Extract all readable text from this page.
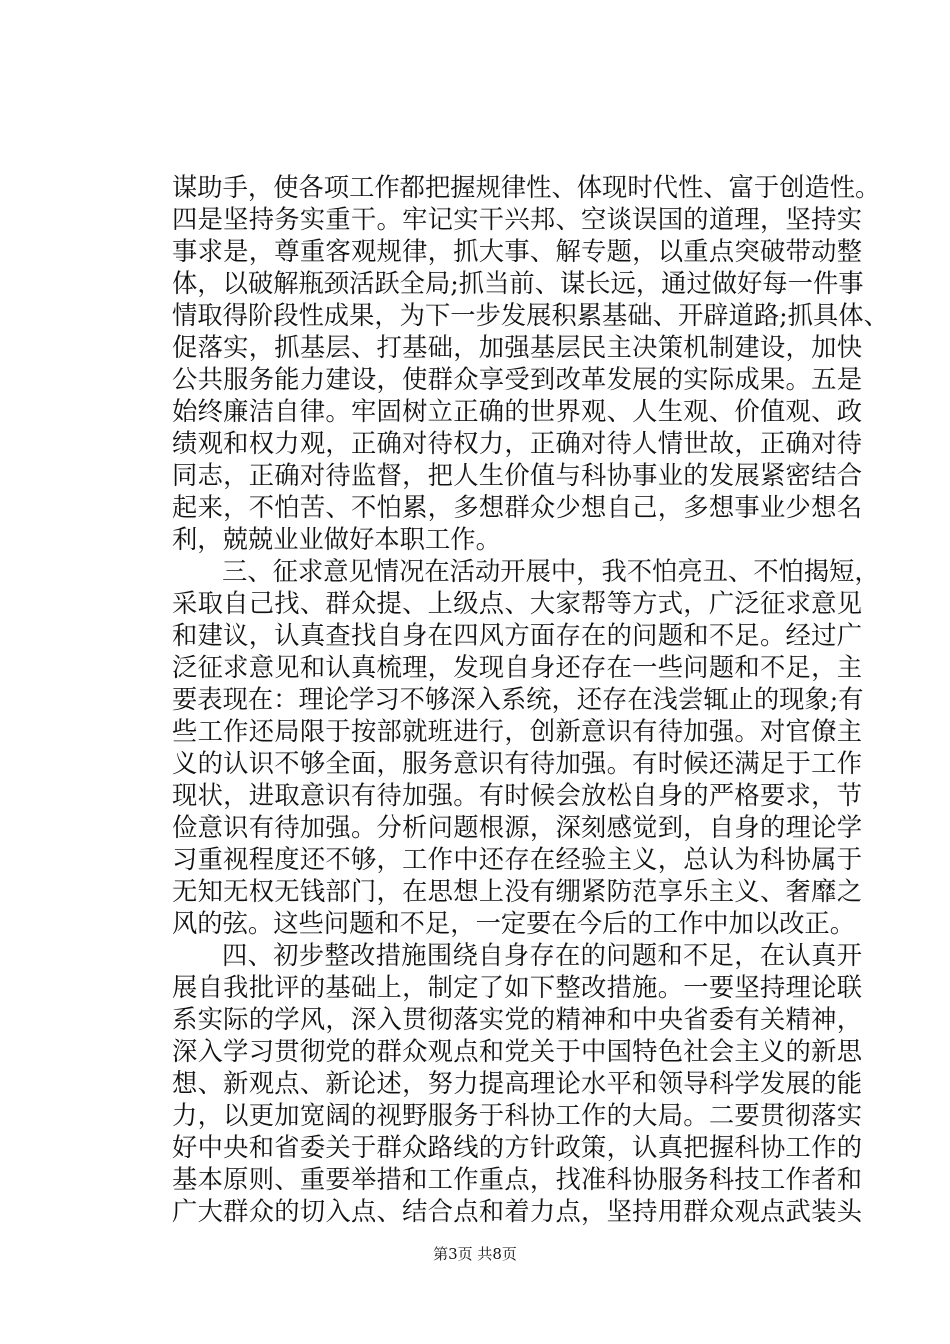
谋助手，使各项工作都把握规律性、体现时代性、富于创造性。
四是坚持务实重干。牢记实干兴邦、空谈误国的道理，坚持实
事求是，尊重客观规律，抓大事、解专题，以重点突破带动整
体，以破解瓶颈活跃全局;抓当前、谋长远，通过做好每一件事
情取得阶段性成果，为下一步发展积累基础、开辟道路;抓具体、
促落实，抓基层、打基础，加强基层民主决策机制建设，加快
公共服务能力建设，使群众享受到改革发展的实际成果。五是
始终廉洁自律。牢固树立正确的世界观、人生观、价值观、政
绩观和权力观，正确对待权力，正确对待人情世故，正确对待
同志，正确对待监督，把人生价值与科协事业的发展紧密结合
起来，不怕苦、不怕累，多想群众少想自己，多想事业少想名
利，兢兢业业做好本职工作。
三、征求意见情况在活动开展中，我不怕亮丑、不怕揭短，
采取自己找、群众提、上级点、大家帮等方式，广泛征求意见
和建议，认真查找自身在四风方面存在的问题和不足。经过广
泛征求意见和认真梳理，发现自身还存在一些问题和不足，主
要表现在：理论学习不够深入系统，还存在浅尝辄止的现象;有
些工作还局限于按部就班进行，创新意识有待加强。对官僚主
义的认识不够全面，服务意识有待加强。有时候还满足于工作
现状，进取意识有待加强。有时候会放松自身的严格要求，节
俭意识有待加强。分析问题根源，深刻感觉到，自身的理论学
习重视程度还不够，工作中还存在经验主义，总认为科协属于
无知无权无钱部门，在思想上没有绷紧防范享乐主义、奢靡之
风的弦。这些问题和不足，一定要在今后的工作中加以改正。
四、初步整改措施围绕自身存在的问题和不足，在认真开
展自我批评的基础上，制定了如下整改措施。一要坚持理论联
系实际的学风，深入贯彻落实党的精神和中央省委有关精神，
深入学习贯彻党的群众观点和党关于中国特色社会主义的新思
想、新观点、新论述，努力提高理论水平和领导科学发展的能
力，以更加宽阔的视野服务于科协工作的大局。二要贯彻落实
好中央和省委关于群众路线的方针政策，认真把握科协工作的
基本原则、重要举措和工作重点，找准科协服务科技工作者和
广大群众的切入点、结合点和着力点，坚持用群众观点武装头
第3页 共8页
